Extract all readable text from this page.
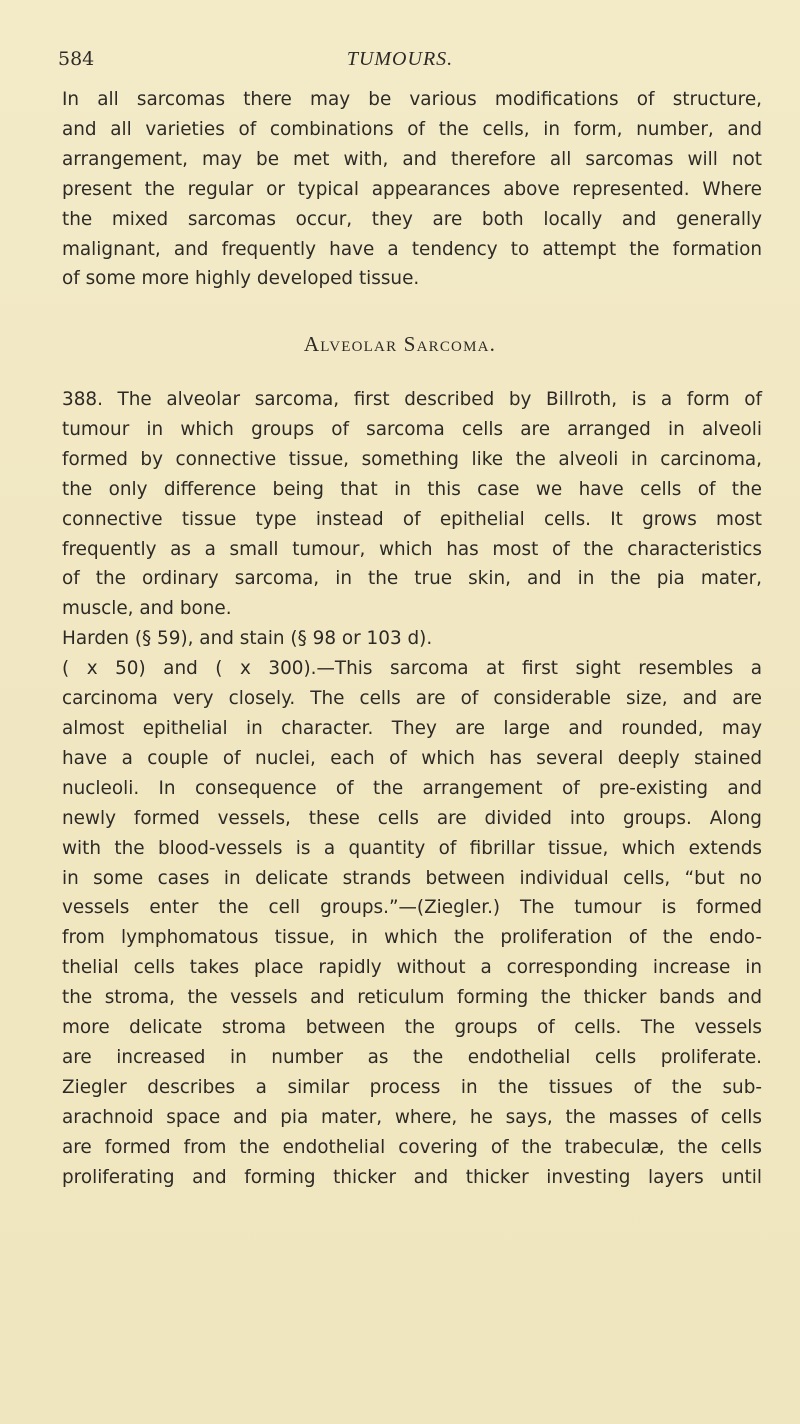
584	TUMOURS.
In all sarcomas there may be various modifications of structure,
and all varieties of combinations of the cells, in form, number, and
arrangement, may be met with, and therefore all sarcomas will not
present the regular or typical appearances above represented. Where
the mixed sarcomas occur, they are both locally and generally
malignant, and frequently have a tendency to attempt the formation
of some more highly developed tissue.
Alveolar Sarcoma.
388. The alveolar sarcoma, first described by Billroth, is a form of
tumour in which groups of sarcoma cells are arranged in alveoli
formed by connective tissue, something like the alveoli in carcinoma,
the only difference being that in this case we have cells of the
connective tissue type instead of epithelial cells. It grows most
frequently as a small tumour, which has most of the characteristics
of the ordinary sarcoma, in the true skin, and in the pia mater,
muscle, and bone.
Harden (§ 59), and stain (§ 98 or 103 d).
( x 50) and ( x 300).—This sarcoma at first sight resembles a
carcinoma very closely. The cells are of considerable size, and are
almost epithelial in character. They are large and rounded, may
have a couple of nuclei, each of which has several deeply stained
nucleoli. In consequence of the arrangement of pre-existing and
newly formed vessels, these cells are divided into groups. Along
with the blood-vessels is a quantity of fibrillar tissue, which extends
in some cases in delicate strands between individual cells, “but no
vessels enter the cell groups.”—(Ziegler.) The tumour is formed
from lymphomatous tissue, in which the proliferation of the endo-
thelial cells takes place rapidly without a corresponding increase in
the stroma, the vessels and reticulum forming the thicker bands and
more delicate stroma between the groups of cells. The vessels
are increased in number as the endothelial cells proliferate.
Ziegler describes a similar process in the tissues of the sub-
arachnoid space and pia mater, where, he says, the masses of cells
are formed from the endothelial covering of the trabeculæ, the cells
proliferating and forming thicker and thicker investing layers until
